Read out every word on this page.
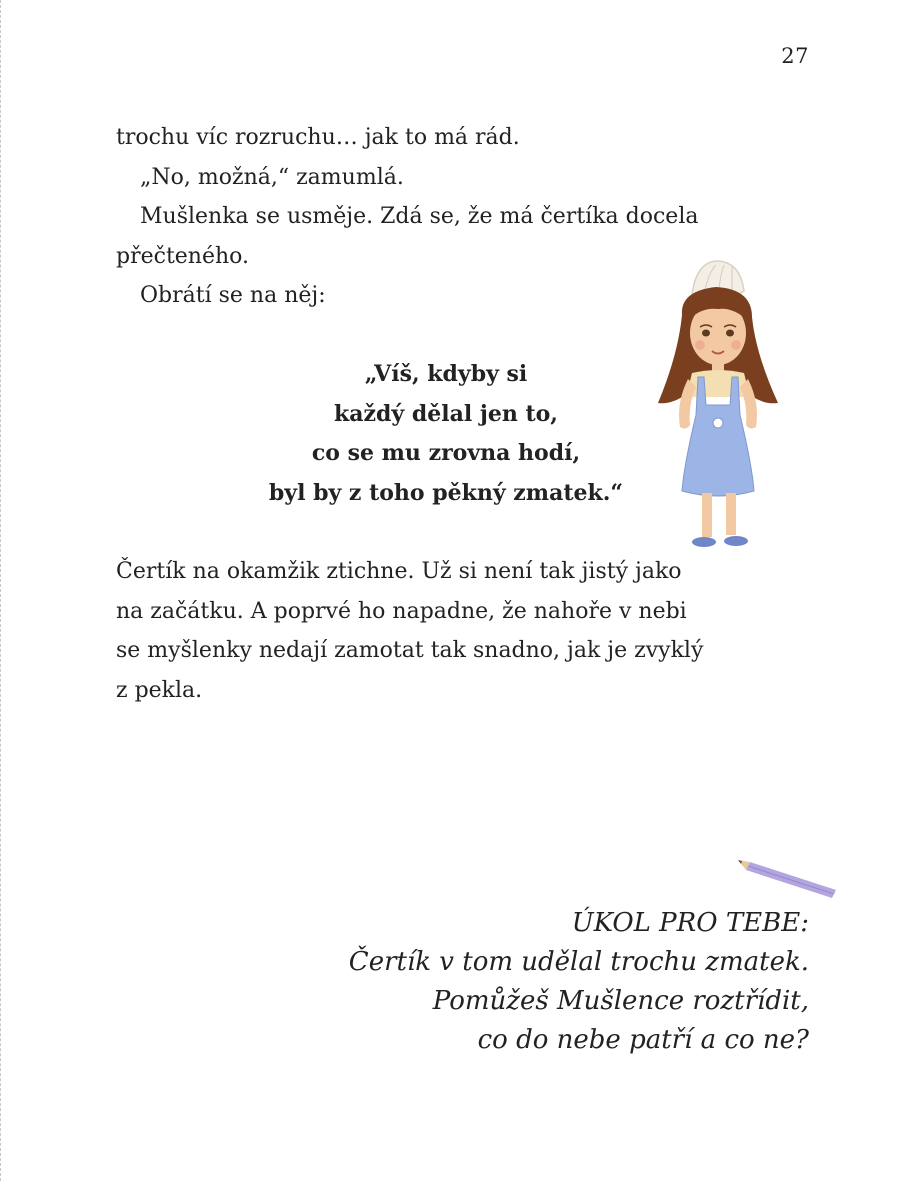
27

trochu víc rozruchu… jak to má rád.

„No, možná,“ zamumlá.

Mušlenka se usměje. Zdá se, že má čertíka docela

přečteného.

Obrátí se na něj:

„Víš, kdyby si

každý dělal jen to,

co se mu zrovna hodí,

byl by z toho pěkný zmatek.“

Čertík na okamžik ztichne. Už si není tak jistý jako

na začátku. A poprvé ho napadne, že nahoře v nebi

se myšlenky nedají zamotat tak snadno, jak je zvyklý

z pekla.

ÚKOL PRO TEBE:

Čertík v tom udělal trochu zmatek.

Pomůžeš Mušlence roztřídit,

co do nebe patří a co ne?
